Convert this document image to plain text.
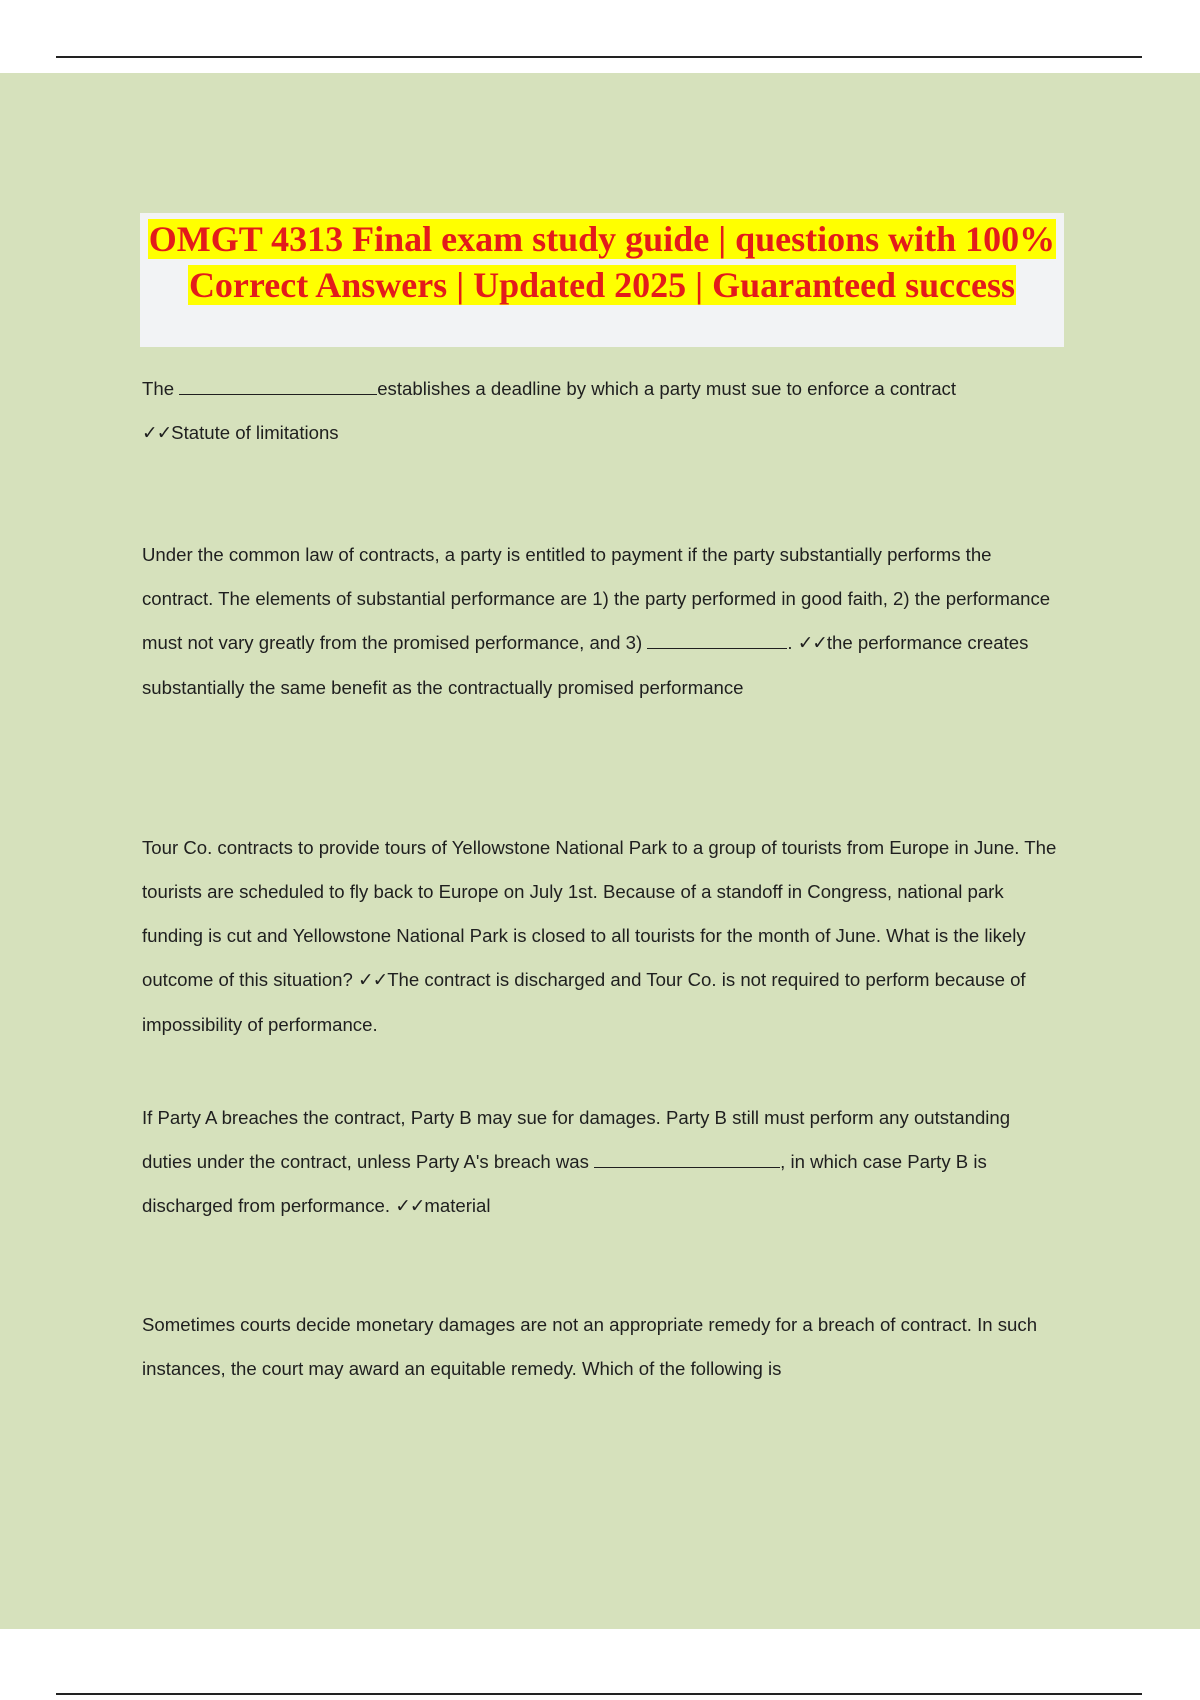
OMGT 4313 Final exam study guide | questions with 100% Correct Answers | Updated 2025 | Guaranteed success
The	establishes a deadline by which a party must sue to enforce a contract
✓✓Statute of limitations
Under the common law of contracts, a party is entitled to payment if the party substantially performs the contract. The elements of substantial performance are 1) the party performed in good faith, 2) the performance must not vary greatly from the promised performance, and 3)	. ✓✓the performance creates substantially the same benefit as the contractually promised performance
Tour Co. contracts to provide tours of Yellowstone National Park to a group of tourists from Europe in June. The tourists are scheduled to fly back to Europe on July 1st. Because of a standoff in Congress, national park funding is cut and Yellowstone National Park is closed to all tourists for the month of June. What is the likely outcome of this situation? ✓✓The contract is discharged and Tour Co. is not required to perform because of impossibility of performance.
If Party A breaches the contract, Party B may sue for damages. Party B still must perform any outstanding duties under the contract, unless Party A's breach was	, in which case Party B is discharged from performance. ✓✓material
Sometimes courts decide monetary damages are not an appropriate remedy for a breach of contract. In such instances, the court may award an equitable remedy. Which of the following is
